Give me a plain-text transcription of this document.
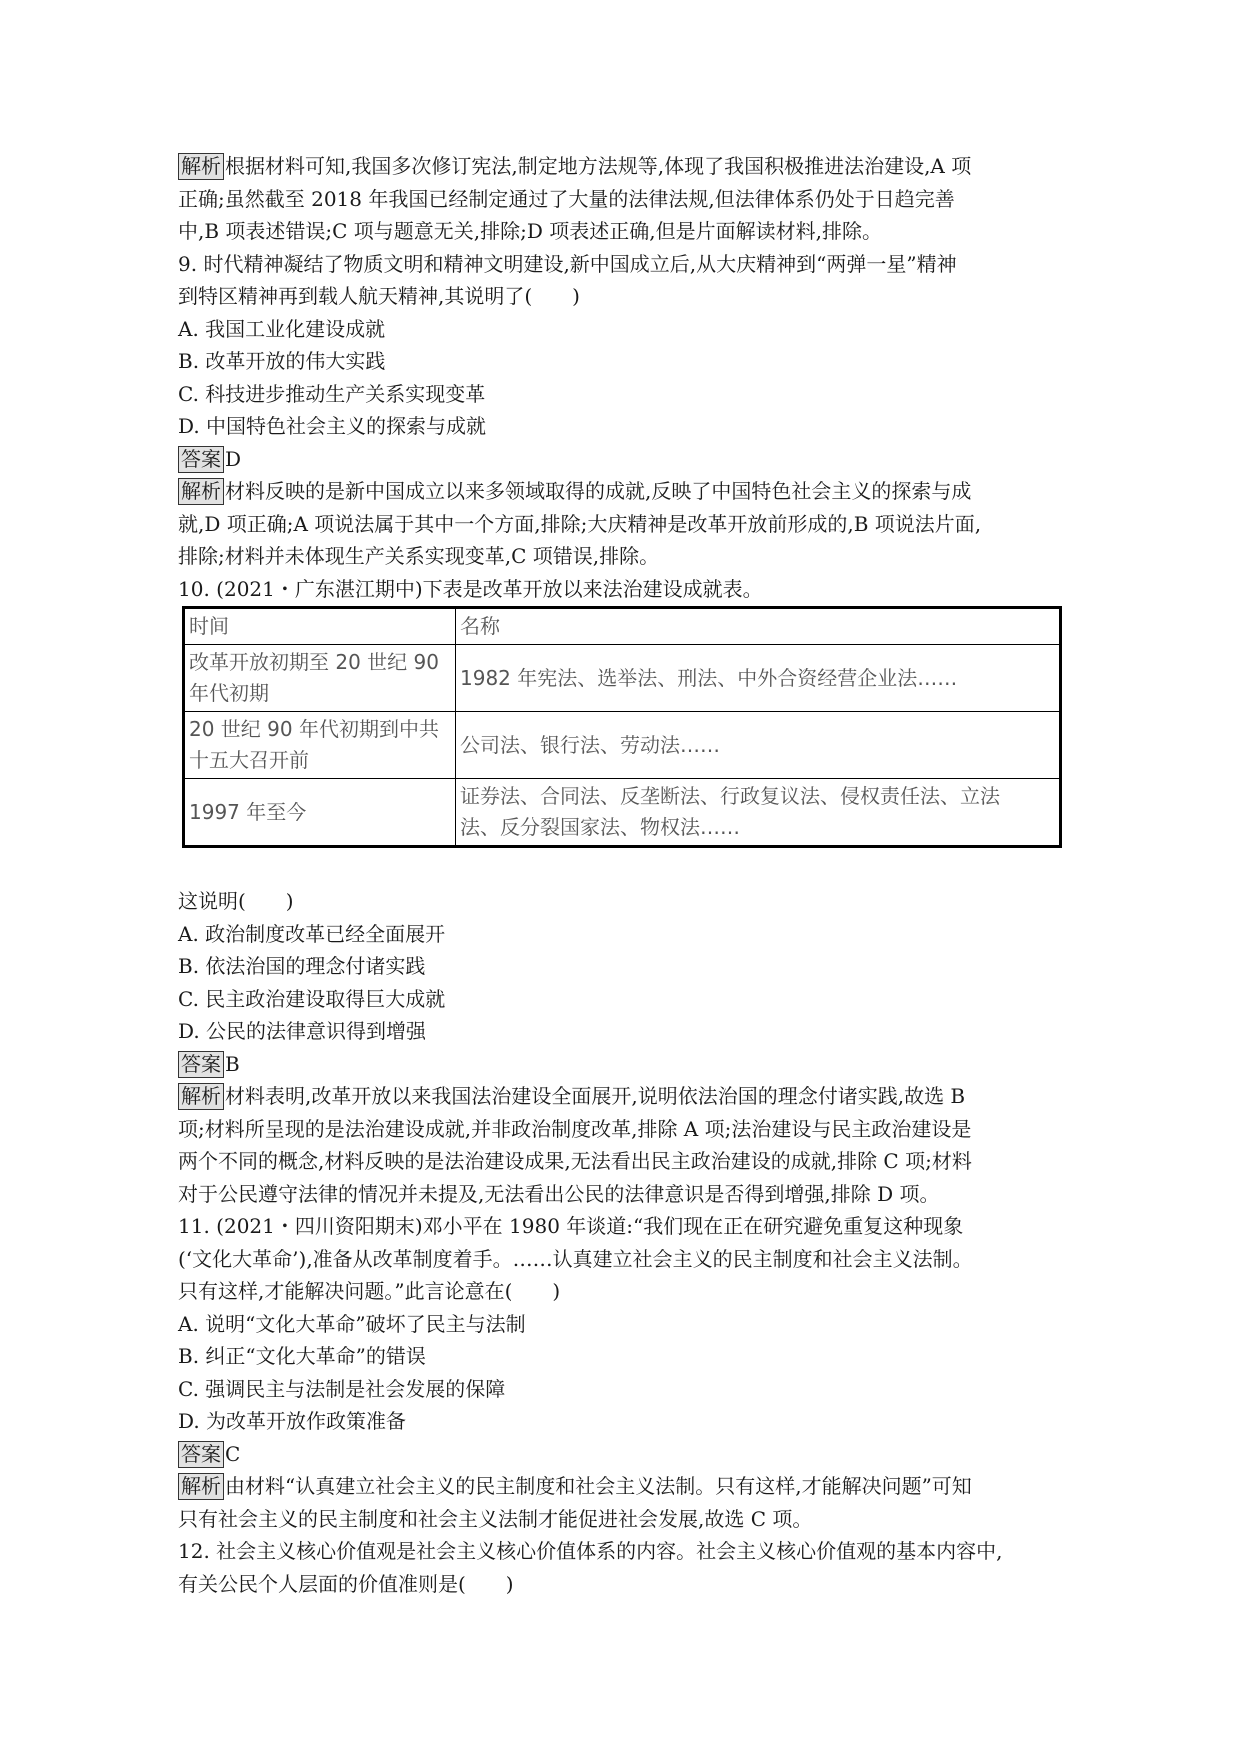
解析 根据材料可知,我国多次修订宪法,制定地方法规等,体现了我国积极推进法治建设,A 项
正确;虽然截至 2018 年我国已经制定通过了大量的法律法规,但法律体系仍处于日趋完善
中,B 项表述错误;C 项与题意无关,排除;D 项表述正确,但是片面解读材料,排除。
9. 时代精神凝结了物质文明和精神文明建设,新中国成立后,从大庆精神到“两弹一星”精神
到特区精神再到载人航天精神,其说明了(　　)
A. 我国工业化建设成就
B. 改革开放的伟大实践
C. 科技进步推动生产关系实现变革
D. 中国特色社会主义的探索与成就
答案 D
解析 材料反映的是新中国成立以来多领域取得的成就,反映了中国特色社会主义的探索与成
就,D 项正确;A 项说法属于其中一个方面,排除;大庆精神是改革开放前形成的,B 项说法片面,
排除;材料并未体现生产关系实现变革,C 项错误,排除。
10. (2021・广东湛江期中)下表是改革开放以来法治建设成就表。
时间	名称

改革开放初期至 20 世纪 90
年代初期	1982 年宪法、选举法、刑法、中外合资经营企业法……

20 世纪 90 年代初期到中共
十五大召开前	公司法、银行法、劳动法……

1997 年至今	证券法、合同法、反垄断法、行政复议法、侵权责任法、立法
法、反分裂国家法、物权法……
这说明(　　)
A. 政治制度改革已经全面展开
B. 依法治国的理念付诸实践
C. 民主政治建设取得巨大成就
D. 公民的法律意识得到增强
答案 B
解析 材料表明,改革开放以来我国法治建设全面展开,说明依法治国的理念付诸实践,故选 B
项;材料所呈现的是法治建设成就,并非政治制度改革,排除 A 项;法治建设与民主政治建设是
两个不同的概念,材料反映的是法治建设成果,无法看出民主政治建设的成就,排除 C 项;材料
对于公民遵守法律的情况并未提及,无法看出公民的法律意识是否得到增强,排除 D 项。
11. (2021・四川资阳期末)邓小平在 1980 年谈道:“我们现在正在研究避免重复这种现象
(‘文化大革命’),准备从改革制度着手。……认真建立社会主义的民主制度和社会主义法制。
只有这样,才能解决问题。”此言论意在(　　)
A. 说明“文化大革命”破坏了民主与法制
B. 纠正“文化大革命”的错误
C. 强调民主与法制是社会发展的保障
D. 为改革开放作政策准备
答案 C
解析 由材料“认真建立社会主义的民主制度和社会主义法制。只有这样,才能解决问题”可知
只有社会主义的民主制度和社会主义法制才能促进社会发展,故选 C 项。
12. 社会主义核心价值观是社会主义核心价值体系的内容。社会主义核心价值观的基本内容中,
有关公民个人层面的价值准则是(　　)
